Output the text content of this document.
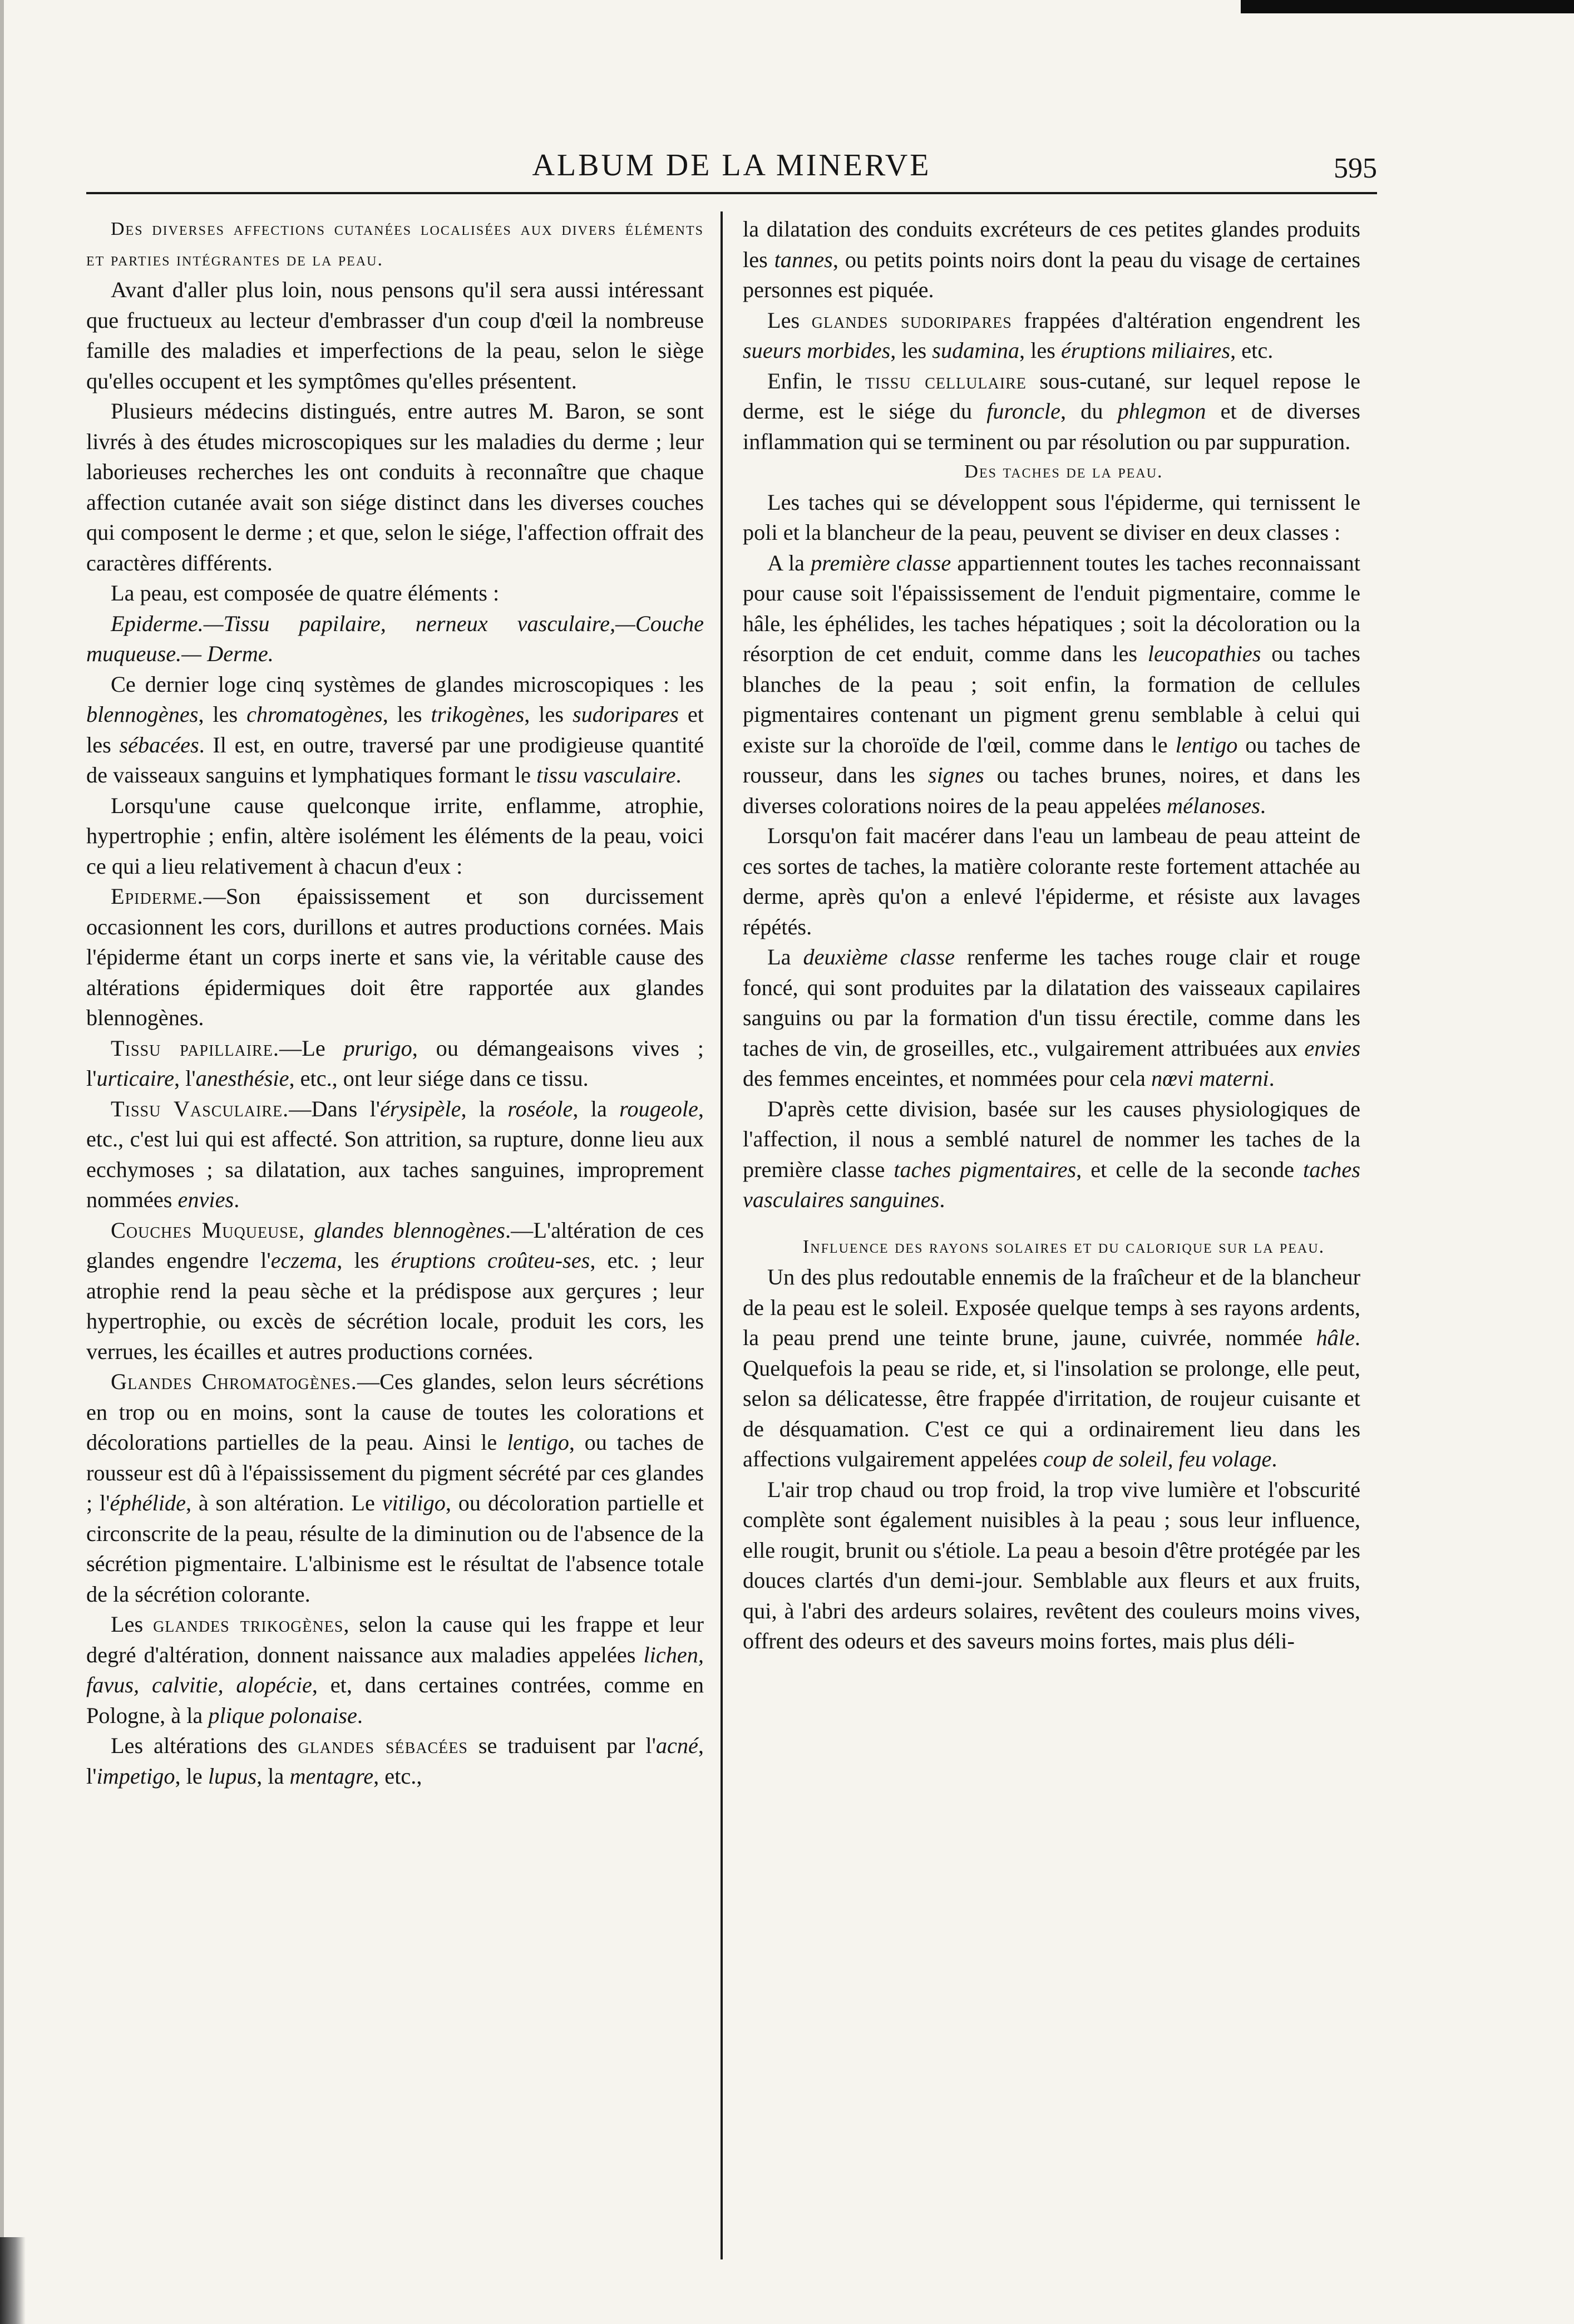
ALBUM DE LA MINERVE	595

Des diverses affections cutanées localisées aux divers éléments et parties intégrantes de la peau.

Avant d'aller plus loin, nous pensons qu'il sera aussi intéressant que fructueux au lecteur d'embrasser d'un coup d'œil la nombreuse famille des maladies et imperfections de la peau, selon le siège qu'elles occupent et les symptômes qu'elles présentent.

Plusieurs médecins distingués, entre autres M. Baron, se sont livrés à des études microscopiques sur les maladies du derme ; leur laborieuses recherches les ont conduits à reconnaître que chaque affection cutanée avait son siége distinct dans les diverses couches qui composent le derme ; et que, selon le siége, l'affection offrait des caractères différents.

La peau, est composée de quatre éléments :

Epiderme.—Tissu papilaire, nerneux vasculaire,—Couche muqueuse.— Derme.

Ce dernier loge cinq systèmes de glandes microscopiques : les blennogènes, les chromatogènes, les trikogènes, les sudoripares et les sébacées. Il est, en outre, traversé par une prodigieuse quantité de vaisseaux sanguins et lymphatiques formant le tissu vasculaire.

Lorsqu'une cause quelconque irrite, enflamme, atrophie, hypertrophie ; enfin, altère isolément les éléments de la peau, voici ce qui a lieu relativement à chacun d'eux :

Epiderme.—Son épaississement et son durcissement occasionnent les cors, durillons et autres productions cornées. Mais l'épiderme étant un corps inerte et sans vie, la véritable cause des altérations épidermiques doit être rapportée aux glandes blennogènes.

Tissu papillaire.—Le prurigo, ou démangeaisons vives ; l'urticaire, l'anesthésie, etc., ont leur siége dans ce tissu.

Tissu Vasculaire.—Dans l'érysipèle, la roséole, la rougeole, etc., c'est lui qui est affecté. Son attrition, sa rupture, donne lieu aux ecchymoses ; sa dilatation, aux taches sanguines, improprement nommées envies.

Couches Muqueuse, glandes blennogènes.—L'altération de ces glandes engendre l'eczema, les éruptions croûteu-ses, etc. ; leur atrophie rend la peau sèche et la prédispose aux gerçures ; leur hypertrophie, ou excès de sécrétion locale, produit les cors, les verrues, les écailles et autres productions cornées.

Glandes Chromatogènes.—Ces glandes, selon leurs sécrétions en trop ou en moins, sont la cause de toutes les colorations et décolorations partielles de la peau. Ainsi le lentigo, ou taches de rousseur est dû à l'épaississement du pigment sécrété par ces glandes ; l'éphélide, à son altération. Le vitiligo, ou décoloration partielle et circonscrite de la peau, résulte de la diminution ou de l'absence de la sécrétion pigmentaire. L'albinisme est le résultat de l'absence totale de la sécrétion colorante.

Les glandes trikogènes, selon la cause qui les frappe et leur degré d'altération, donnent naissance aux maladies appelées lichen, favus, calvitie, alopécie, et, dans certaines contrées, comme en Pologne, à la plique polonaise.

Les altérations des glandes sébacées se traduisent par l'acné, l'impetigo, le lupus, la mentagre, etc.,

la dilatation des conduits excréteurs de ces petites glandes produits les tannes, ou petits points noirs dont la peau du visage de certaines personnes est piquée.

Les glandes sudoripares frappées d'altération engendrent les sueurs morbides, les sudamina, les éruptions miliaires, etc.

Enfin, le tissu cellulaire sous-cutané, sur lequel repose le derme, est le siége du furoncle, du phlegmon et de diverses inflammation qui se terminent ou par résolution ou par suppuration.

Des taches de la peau.

Les taches qui se développent sous l'épiderme, qui ternissent le poli et la blancheur de la peau, peuvent se diviser en deux classes :

A la première classe appartiennent toutes les taches reconnaissant pour cause soit l'épaississement de l'enduit pigmentaire, comme le hâle, les éphélides, les taches hépatiques ; soit la décoloration ou la résorption de cet enduit, comme dans les leucopathies ou taches blanches de la peau ; soit enfin, la formation de cellules pigmentaires contenant un pigment grenu semblable à celui qui existe sur la choroïde de l'œil, comme dans le lentigo ou taches de rousseur, dans les signes ou taches brunes, noires, et dans les diverses colorations noires de la peau appelées mélanoses.

Lorsqu'on fait macérer dans l'eau un lambeau de peau atteint de ces sortes de taches, la matière colorante reste fortement attachée au derme, après qu'on a enlevé l'épiderme, et résiste aux lavages répétés.

La deuxième classe renferme les taches rouge clair et rouge foncé, qui sont produites par la dilatation des vaisseaux capilaires sanguins ou par la formation d'un tissu érectile, comme dans les taches de vin, de groseilles, etc., vulgairement attribuées aux envies des femmes enceintes, et nommées pour cela nœvi materni.

D'après cette division, basée sur les causes physiologiques de l'affection, il nous a semblé naturel de nommer les taches de la première classe taches pigmentaires, et celle de la seconde taches vasculaires sanguines.

Influence des rayons solaires et du calorique sur la peau.

Un des plus redoutable ennemis de la fraîcheur et de la blancheur de la peau est le soleil. Exposée quelque temps à ses rayons ardents, la peau prend une teinte brune, jaune, cuivrée, nommée hâle. Quelquefois la peau se ride, et, si l'insolation se prolonge, elle peut, selon sa délicatesse, être frappée d'irritation, de roujeur cuisante et de désquamation. C'est ce qui a ordinairement lieu dans les affections vulgairement appelées coup de soleil, feu volage.

L'air trop chaud ou trop froid, la trop vive lumière et l'obscurité complète sont également nuisibles à la peau ; sous leur influence, elle rougit, brunit ou s'étiole. La peau a besoin d'être protégée par les douces clartés d'un demi-jour. Semblable aux fleurs et aux fruits, qui, à l'abri des ardeurs solaires, revêtent des couleurs moins vives, offrent des odeurs et des saveurs moins fortes, mais plus déli-
